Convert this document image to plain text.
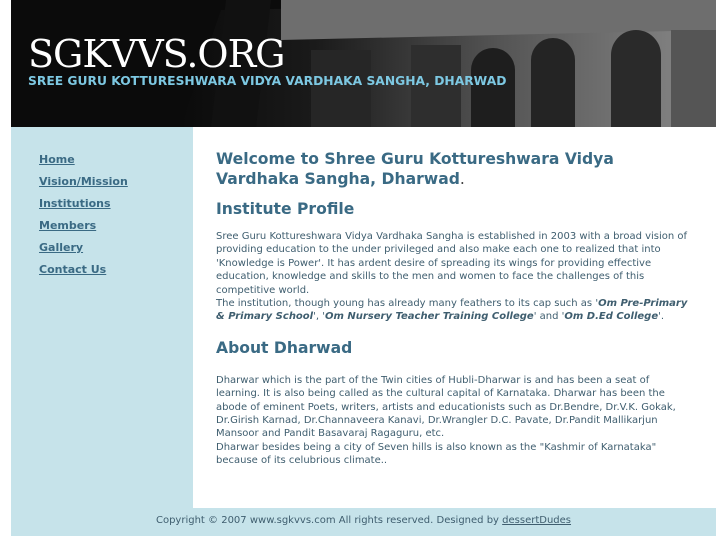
SGKVVS.ORG
SREE GURU KOTTURESHWARA VIDYA VARDHAKA SANGHA, DHARWAD
Home
Vision/Mission
Institutions
Members
Gallery
Contact Us
Welcome to Shree Guru Kottureshwara Vidya Vardhaka Sangha, Dharwad.
Institute Profile

Sree Guru Kottureshwara Vidya Vardhaka Sangha is established in 2003 with a broad vision of providing education to the under privileged and also make each one to realized that into 'Knowledge is Power'. It has ardent desire of spreading its wings for providing effective education, knowledge and skills to the men and women to face the challenges of this competitive world.

The institution, though young has already many feathers to its cap such as 'Om Pre-Primary & Primary School', 'Om Nursery Teacher Training College' and 'Om D.Ed College'.

About Dharwad

Dharwar which is the part of the Twin cities of Hubli-Dharwar is and has been a seat of learning. It is also being called as the cultural capital of Karnataka. Dharwar has been the abode of eminent Poets, writers, artists and educationists such as Dr.Bendre, Dr.V.K. Gokak, Dr.Girish Karnad, Dr.Channaveera Kanavi, Dr.Wrangler D.C. Pavate, Dr.Pandit Mallikarjun Mansoor and Pandit Basavaraj Ragaguru, etc.

Dharwar besides being a city of Seven hills is also known as the "Kashmir of Karnataka" because of its celubrious climate..

Copyright © 2007 www.sgkvvs.com All rights reserved. Designed by dessertDudes
